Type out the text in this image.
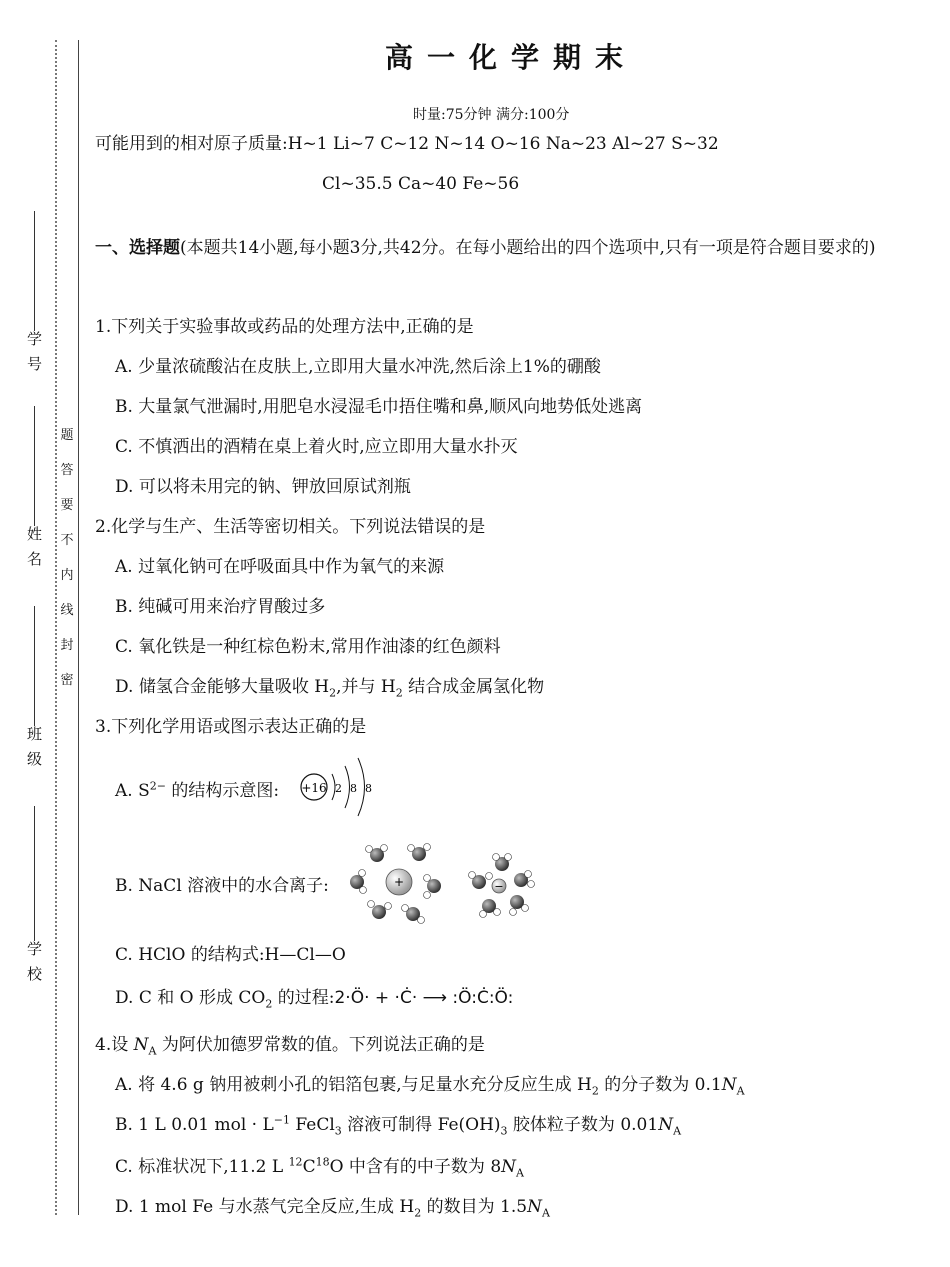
学号
姓名
班级
学校
题
答
要
不
内
线
封
密
高一化学期末
时量:75分钟 满分:100分
可能用到的相对原子质量:H~1 Li~7 C~12 N~14 O~16 Na~23 Al~27 S~32
Cl~35.5 Ca~40 Fe~56
一、选择题(本题共14小题,每小题3分,共42分。在每小题给出的四个选项中,只有一项是符合题目要求的)
1.下列关于实验事故或药品的处理方法中,正确的是
A. 少量浓硫酸沾在皮肤上,立即用大量水冲洗,然后涂上1%的硼酸
B. 大量氯气泄漏时,用肥皂水浸湿毛巾捂住嘴和鼻,顺风向地势低处逃离
C. 不慎洒出的酒精在桌上着火时,应立即用大量水扑灭
D. 可以将未用完的钠、钾放回原试剂瓶
2.化学与生产、生活等密切相关。下列说法错误的是
A. 过氧化钠可在呼吸面具中作为氧气的来源
B. 纯碱可用来治疗胃酸过多
C. 氧化铁是一种红棕色粉末,常用作油漆的红色颜料
D. 储氢合金能够大量吸收 $H_2$,并与 $H_2$ 结合成金属氢化物
3.下列化学用语或图示表达正确的是
A. $S^{2-}$ 的结构示意图: +16 2 8 8
B. NaCl 溶液中的水合离子:	+	−
C. HClO 的结构式:H—Cl—O
D. C 和 O 形成 $CO_2$ 的过程:2·Ö· + ·Ċ· ⟶ :Ö:Ċ:Ö:
4.设 $N_A$ 为阿伏加德罗常数的值。下列说法正确的是
A. 将 4.6 g 钠用被刺小孔的铝箔包裹,与足量水充分反应生成 $H_2$ 的分子数为 $0.1N_A$
B. 1 L 0.01 mol · $L^{-1}$ FeCl$_3$ 溶液可制得 $Fe(OH)_3$ 胶体粒子数为 $0.01N_A$
C. 标准状况下,11.2 L $^{12}C^{18}O$ 中含有的中子数为 $8N_A$
D. 1 mol Fe 与水蒸气完全反应,生成 $H_2$ 的数目为 $1.5N_A$
